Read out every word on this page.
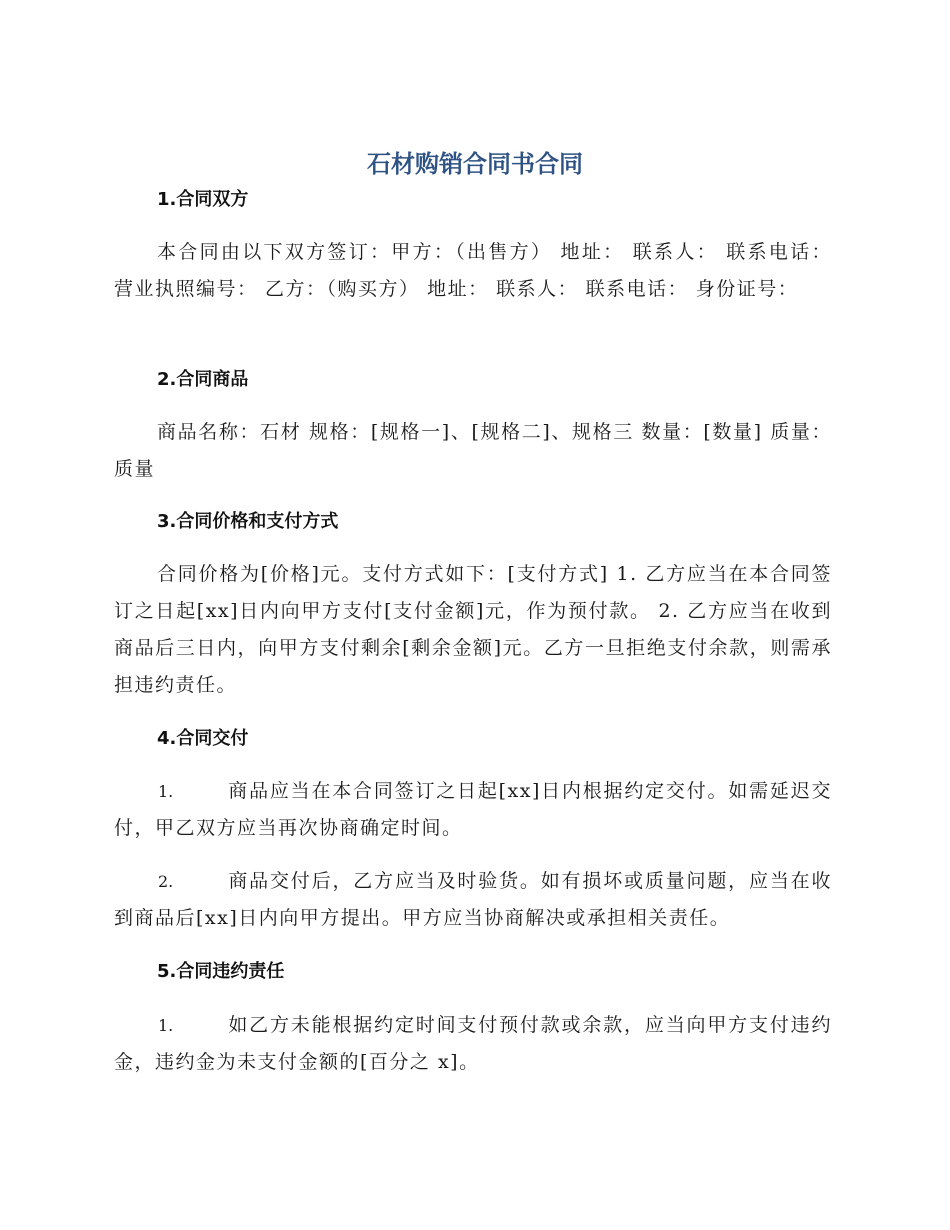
石材购销合同书合同
1.合同双方

本合同由以下双方签订：甲方：（出售方） 地址： 联系人： 联系电话： 营业执照编号： 乙方：（购买方） 地址： 联系人： 联系电话： 身份证号：

2.合同商品

商品名称：石材 规格：[规格一]、[规格二]、规格三 数量：[数量] 质量：质量

3.合同价格和支付方式

合同价格为[价格]元。支付方式如下：[支付方式] 1. 乙方应当在本合同签订之日起[xx]日内向甲方支付[支付金额]元，作为预付款。 2. 乙方应当在收到商品后三日内，向甲方支付剩余[剩余金额]元。乙方一旦拒绝支付余款，则需承担违约责任。

4.合同交付

1.	商品应当在本合同签订之日起[xx]日内根据约定交付。如需延迟交付，甲乙双方应当再次协商确定时间。

2.	商品交付后，乙方应当及时验货。如有损坏或质量问题，应当在收到商品后[xx]日内向甲方提出。甲方应当协商解决或承担相关责任。

5.合同违约责任

1.	如乙方未能根据约定时间支付预付款或余款，应当向甲方支付违约金，违约金为未支付金额的[百分之 x]。
